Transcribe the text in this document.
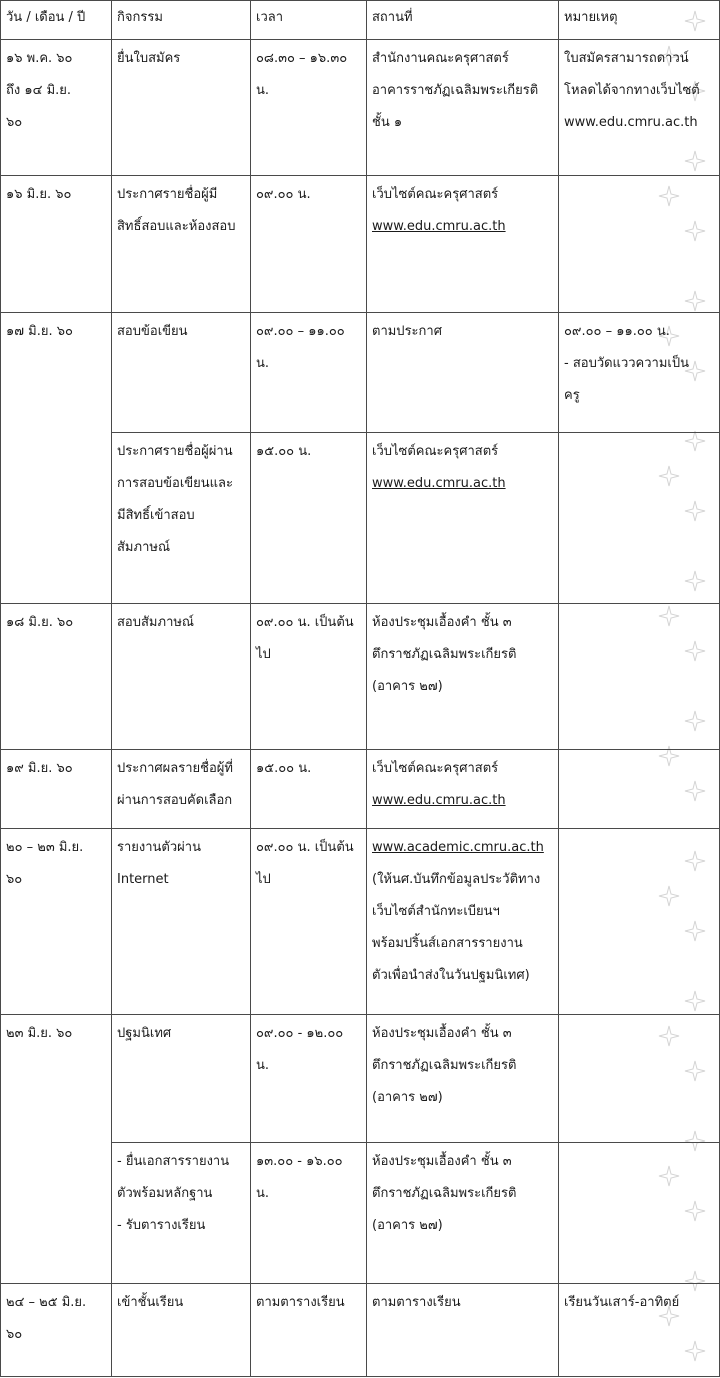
วัน / เดือน / ปี	กิจกรรม	เวลา	สถานที่	หมายเหตุ

๑๖ พ.ค. ๖๐
ถึง ๑๔ มิ.ย.
๖๐	ยื่นใบสมัคร	๐๘.๓๐ – ๑๖.๓๐
น.	สำนักงานคณะครุศาสตร์
อาคารราชภัฏเฉลิมพระเกียรติ
ชั้น ๑	ใบสมัครสามารถดาวน์
โหลดได้จากทางเว็บไซต์
www.edu.cmru.ac.th

๑๖ มิ.ย. ๖๐	ประกาศรายชื่อผู้มี
สิทธิ์สอบและห้องสอบ	๐๙.๐๐ น.	เว็บไซต์คณะครุศาสตร์
www.edu.cmru.ac.th	

๑๗ มิ.ย. ๖๐	สอบข้อเขียน	๐๙.๐๐ – ๑๑.๐๐
น.	ตามประกาศ	๐๙.๐๐ – ๑๑.๐๐ น.
- สอบวัดแววความเป็น
ครู

	ประกาศรายชื่อผู้ผ่าน
การสอบข้อเขียนและ
มีสิทธิ์เข้าสอบ
สัมภาษณ์	๑๕.๐๐ น.	เว็บไซต์คณะครุศาสตร์
www.edu.cmru.ac.th	

๑๘ มิ.ย. ๖๐	สอบสัมภาษณ์	๐๙.๐๐ น. เป็นต้น
ไป	ห้องประชุมเอื้องคำ ชั้น ๓
ตึกราชภัฏเฉลิมพระเกียรติ
(อาคาร ๒๗)	

๑๙ มิ.ย. ๖๐	ประกาศผลรายชื่อผู้ที่
ผ่านการสอบคัดเลือก	๑๕.๐๐ น.	เว็บไซต์คณะครุศาสตร์
www.edu.cmru.ac.th	

๒๐ – ๒๓ มิ.ย.
๖๐	รายงานตัวผ่าน
Internet	๐๙.๐๐ น. เป็นต้น
ไป	www.academic.cmru.ac.th
(ให้นศ.บันทึกข้อมูลประวัติทาง
เว็บไซต์สำนักทะเบียนฯ
พร้อมปริ้นส์เอกสารรายงาน
ตัวเพื่อนำส่งในวันปฐมนิเทศ)	

๒๓ มิ.ย. ๖๐	ปฐมนิเทศ	๐๙.๐๐ - ๑๒.๐๐
น.	ห้องประชุมเอื้องคำ ชั้น ๓
ตึกราชภัฏเฉลิมพระเกียรติ
(อาคาร ๒๗)	

	- ยื่นเอกสารรายงาน
ตัวพร้อมหลักฐาน
- รับตารางเรียน	๑๓.๐๐ - ๑๖.๐๐
น.	ห้องประชุมเอื้องคำ ชั้น ๓
ตึกราชภัฏเฉลิมพระเกียรติ
(อาคาร ๒๗)	

๒๔ – ๒๕ มิ.ย.
๖๐	เข้าชั้นเรียน	ตามตารางเรียน	ตามตารางเรียน	เรียนวันเสาร์-อาทิตย์
